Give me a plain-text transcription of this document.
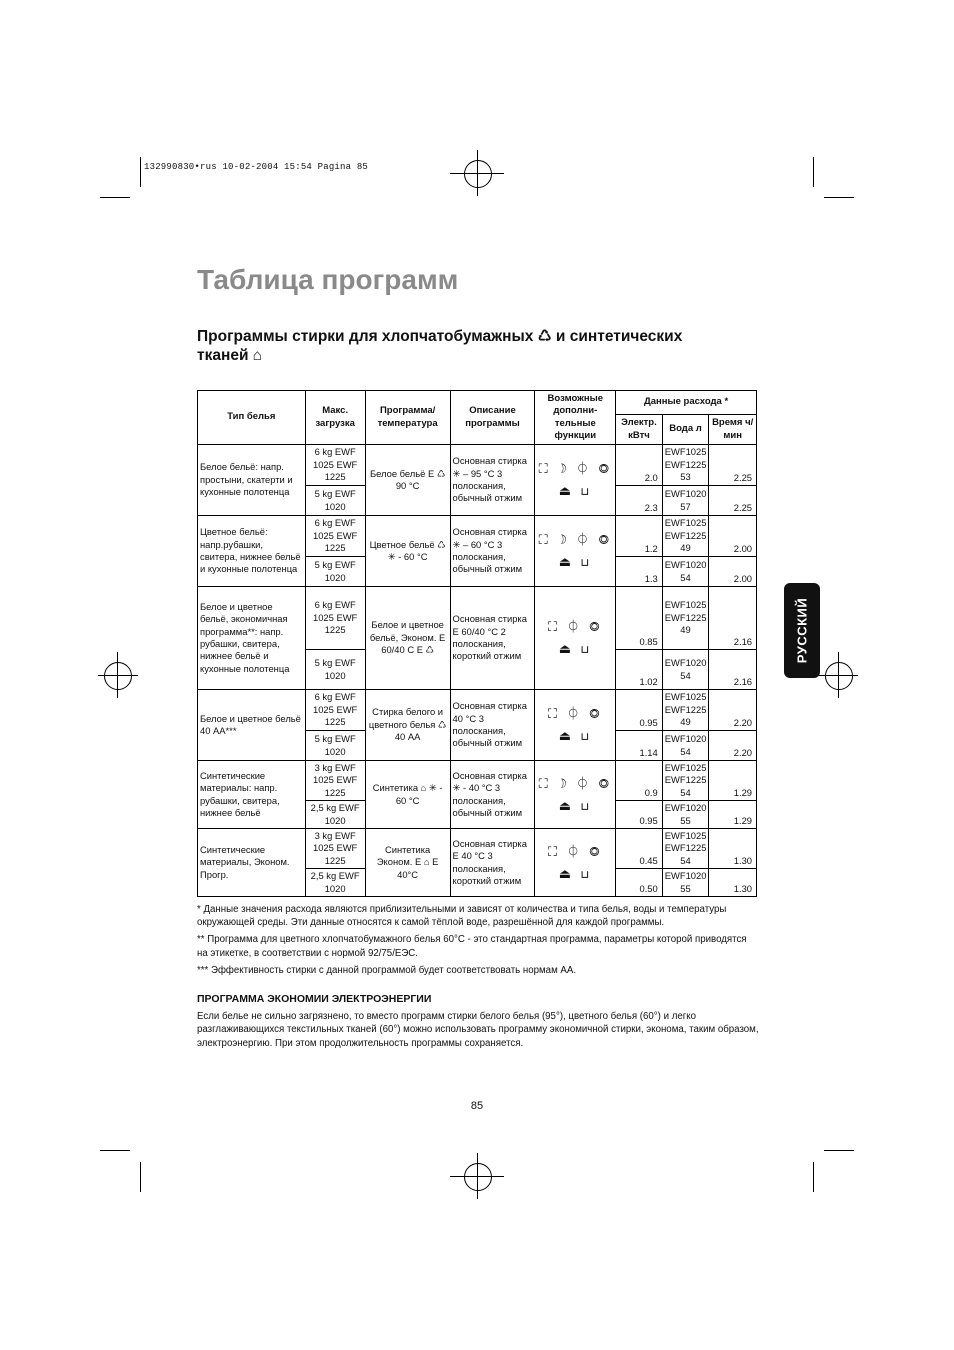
132990830•rus 10-02-2004 15:54 Pagina 85
Таблица программ
Программы стирки для хлопчатобумажных ♺ и синтетических
тканей ⌂
РУССКИЙ
Тип белья	Макс. загрузка	Программа/ температура	Описание программы	Возможные дополни- тельные функции	Данные расхода *		
					Электр. кВтч	Вода л	Время ч/мин
Белое бельё: напр. простыни, скатерти и кухонные полотенца	6 kg EWF 1025 EWF 1225	Белое бельё E ♺ 90 °C	Основная стирка ✳ – 95 °C 3 полоскания, обычный отжим	⛶ ☽ ⏀ ◎ ⏏ ⊔	2.0	EWF1025 EWF1225 53	2.25
	5 kg EWF 1020				2.3	EWF1020 57	2.25
Цветное бельё: напр.рубашки, свитера, нижнее бельё и кухонные полотенца	6 kg EWF 1025 EWF 1225	Цветное бельё ♺ ✳ - 60 °C	Основная стирка ✳ – 60 °C 3 полоскания, обычный отжим	⛶ ☽ ⏀ ◎ ⏏ ⊔	1.2	EWF1025 EWF1225 49	2.00
	5 kg EWF 1020				1.3	EWF1020 54	2.00
Белое и цветное бельё, экономичная программа**: напр. рубашки, свитера, нижнее бельё и кухонные полотенца	6 kg EWF 1025 EWF 1225	Белое и цветное бельё, Эконом. E 60/40 C E ♺	Основная стирка E 60/40 °C 2 полоскания, короткий отжим	⛶ ⏀ ◎ ⏏ ⊔	0.85	EWF1025 EWF1225 49	2.16
	5 kg EWF 1020				1.02	EWF1020 54	2.16
Белое и цветное бельё 40 AA***	6 kg EWF 1025 EWF 1225	Стирка белого и цветного белья ♺ 40 AA	Основная стирка 40 °C 3 полоскания, обычный отжим	⛶ ⏀ ◎ ⏏ ⊔	0.95	EWF1025 EWF1225 49	2.20
	5 kg EWF 1020				1.14	EWF1020 54	2.20
Синтетические материалы: напр. рубашки, свитера, нижнее бельё	3 kg EWF 1025 EWF 1225	Синтетика ⌂ ✳ - 60 °C	Основная стирка ✳ - 40 °C 3 полоскания, обычный отжим	⛶ ☽ ⏀ ◎ ⏏ ⊔	0.9	EWF1025 EWF1225 54	1.29
	2,5 kg EWF 1020				0.95	EWF1020 55	1.29
Синтетические материалы, Эконом. Прогр.	3 kg EWF 1025 EWF 1225	Синтетика Эконом. E ⌂ E 40°C	Основная стирка E 40 °C 3 полоскания, короткий отжим	⛶ ⏀ ◎ ⏏ ⊔	0.45	EWF1025 EWF1225 54	1.30
	2,5 kg EWF 1020				0.50	EWF1020 55	1.30

* Данные значения расхода являются приблизительными и зависят от количества и типа белья, воды и температуры окружающей среды. Эти данные относятся к самой тёплой воде, разрешённой для каждой программы.

** Программа для цветного хлопчатобумажного белья 60°C - это стандартная программа, параметры которой приводятся на этикетке, в соответствии с нормой 92/75/ЕЭС.

*** Эффективность стирки с данной программой будет соответствовать нормам AA.

ПРОГРАММА ЭКОНОМИИ ЭЛЕКТРОЭНЕРГИИ
Если белье не сильно загрязнено, то вместо программ стирки белого белья (95°), цветного белья (60°) и легко разглаживающихся текстильных тканей (60°) можно использовать программу экономичной стирки, эконома, таким образом, электроэнергию. При этом продолжительность программы сохраняется.
85
